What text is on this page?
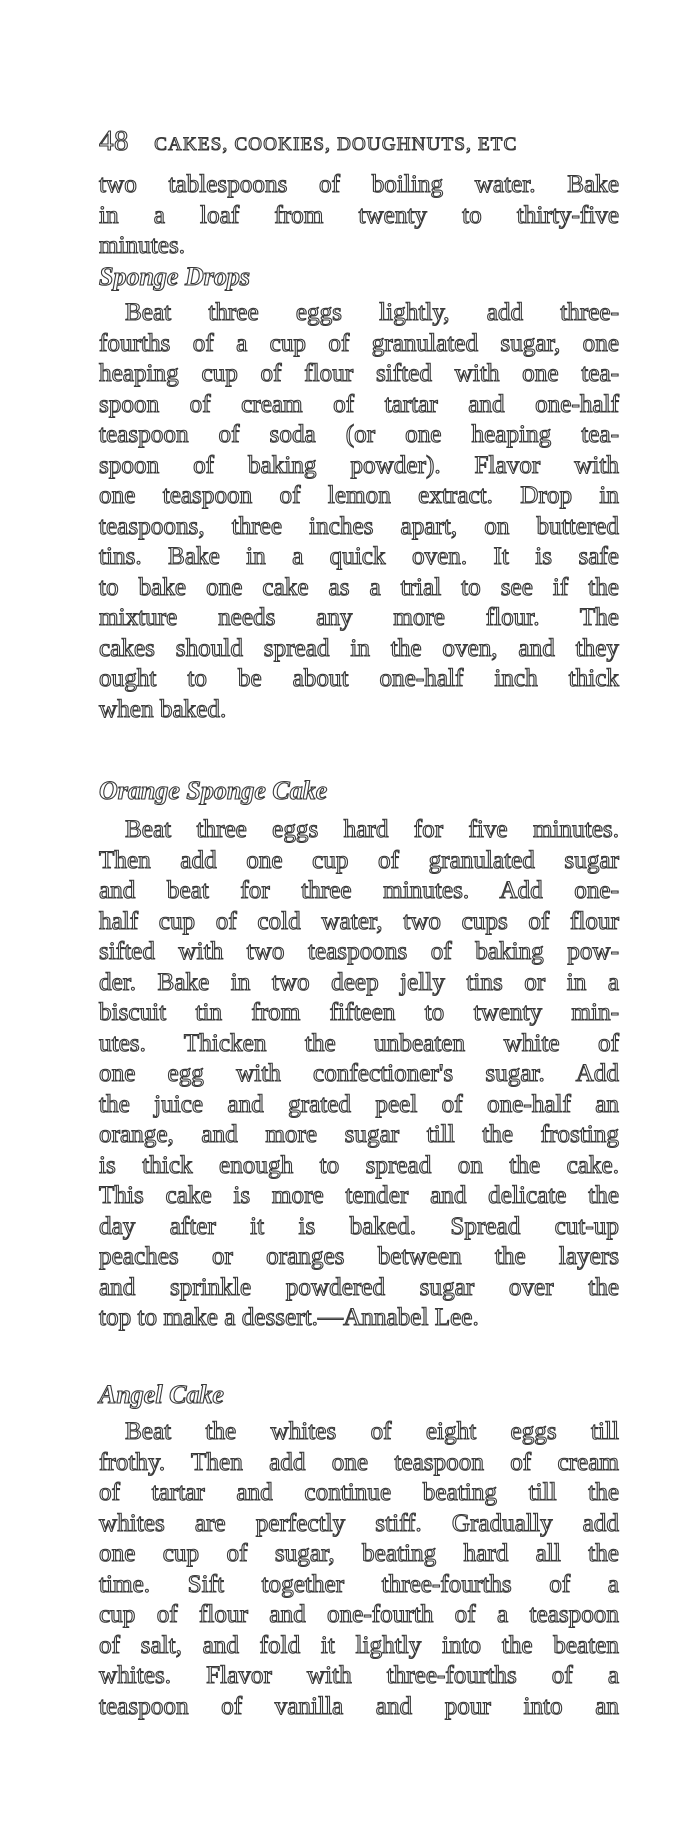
48 CAKES, COOKIES, DOUGHNUTS, ETC
two tablespoons of boiling water. Bake
in a loaf from twenty to thirty-five
minutes.
Sponge Drops
Beat three eggs lightly, add three-
fourths of a cup of granulated sugar, one
heaping cup of flour sifted with one tea-
spoon of cream of tartar and one-half
teaspoon of soda (or one heaping tea-
spoon of baking powder). Flavor with
one teaspoon of lemon extract. Drop in
teaspoons, three inches apart, on buttered
tins. Bake in a quick oven. It is safe
to bake one cake as a trial to see if the
mixture needs any more flour. The
cakes should spread in the oven, and they
ought to be about one-half inch thick
when baked.
Orange Sponge Cake
Beat three eggs hard for five minutes.
Then add one cup of granulated sugar
and beat for three minutes. Add one-
half cup of cold water, two cups of flour
sifted with two teaspoons of baking pow-
der. Bake in two deep jelly tins or in a
biscuit tin from fifteen to twenty min-
utes. Thicken the unbeaten white of
one egg with confectioner's sugar. Add
the juice and grated peel of one-half an
orange, and more sugar till the frosting
is thick enough to spread on the cake.
This cake is more tender and delicate the
day after it is baked. Spread cut-up
peaches or oranges between the layers
and sprinkle powdered sugar over the
top to make a dessert.—Annabel Lee.
Angel Cake
Beat the whites of eight eggs till
frothy. Then add one teaspoon of cream
of tartar and continue beating till the
whites are perfectly stiff. Gradually add
one cup of sugar, beating hard all the
time. Sift together three-fourths of a
cup of flour and one-fourth of a teaspoon
of salt, and fold it lightly into the beaten
whites. Flavor with three-fourths of a
teaspoon of vanilla and pour into an
